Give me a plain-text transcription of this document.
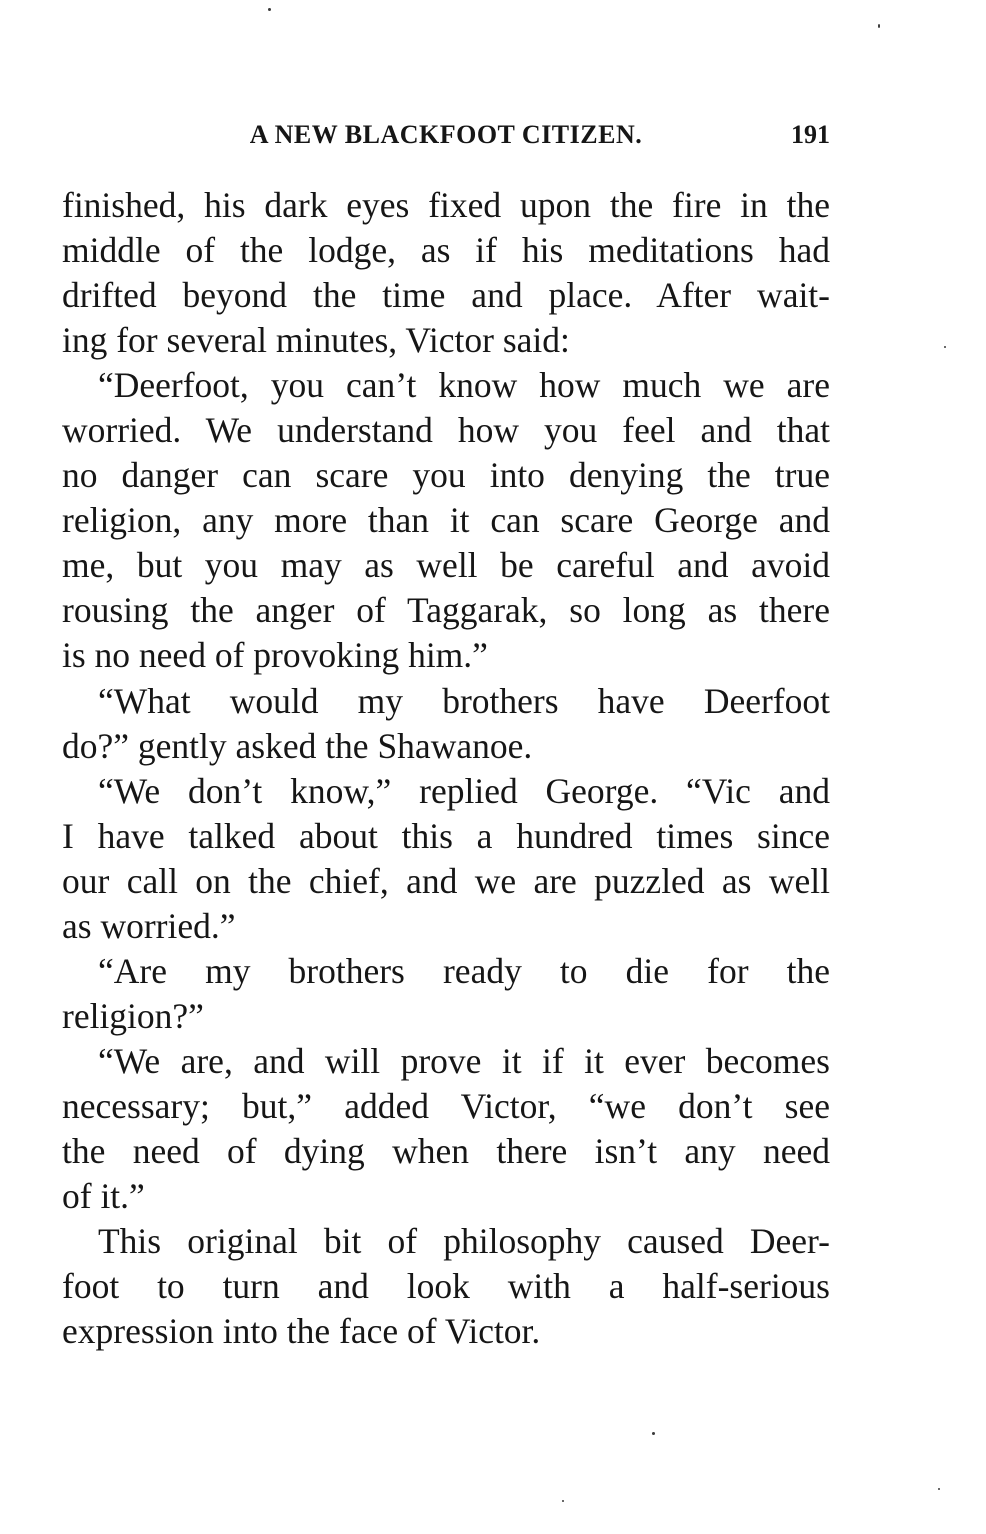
A NEW BLACKFOOT CITIZEN.	191
finished, his dark eyes fixed upon the fire in the
middle of the lodge, as if his meditations had
drifted beyond the time and place. After wait-
ing for several minutes, Victor said:
“Deerfoot, you can’t know how much we are
worried. We understand how you feel and that
no danger can scare you into denying the true
religion, any more than it can scare George and
me, but you may as well be careful and avoid
rousing the anger of Taggarak, so long as there
is no need of provoking him.”
“What would my brothers have Deerfoot
do?” gently asked the Shawanoe.
“We don’t know,” replied George. “Vic and
I have talked about this a hundred times since
our call on the chief, and we are puzzled as well
as worried.”
“Are my brothers ready to die for the
religion?”
“We are, and will prove it if it ever becomes
necessary; but,” added Victor, “we don’t see
the need of dying when there isn’t any need
of it.”
This original bit of philosophy caused Deer-
foot to turn and look with a half-serious
expression into the face of Victor.
